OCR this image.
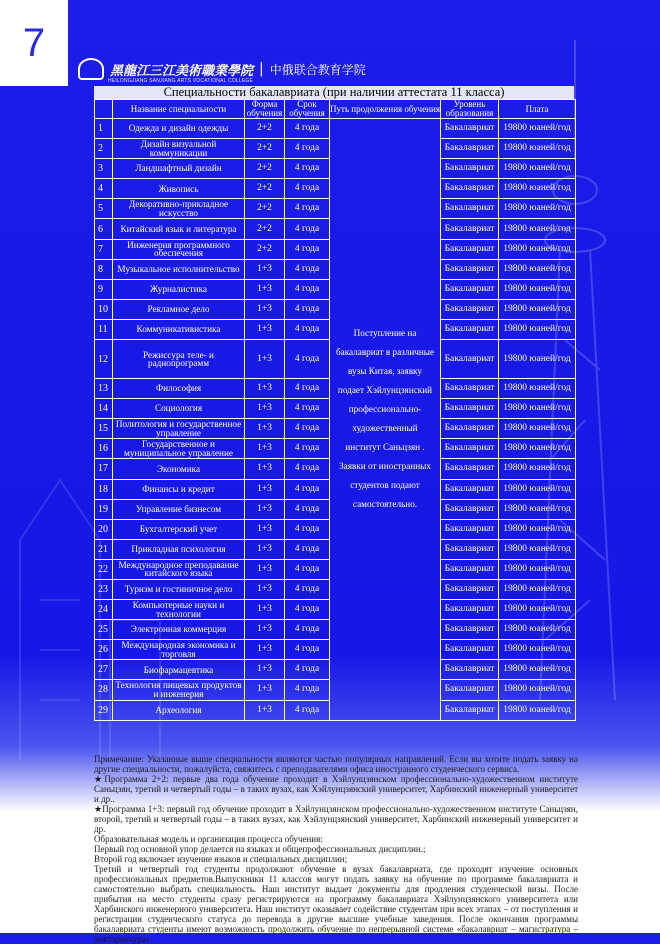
7
黑龍江三江美術職業學院 | 中俄联合教育学院
HEILONGJIANG SANJIANG ARTS VOCATIONAL COLLEGE
Специальности бакалавриата (при наличии аттестата 11 класса)
	Название специальности	Форма обучения	Срок обучения	Путь продолжения обучения	Уровень образования	Плата
1	Одежда и дизайн одежды	2+2	4 года	Поступление на бакалавриат в различные вузы Китая, заявку подает Хэйлунцзянский профессионально-художественный институт Саньцзян . Заявки от иностранных студентов подают самостоятельно.	Бакалавриат	19800 юаней/год
2	Дизайн визуальной коммуникации	2+2	4 года		Бакалавриат	19800 юаней/год
3	Ландшафтный дизайн	2+2	4 года		Бакалавриат	19800 юаней/год
4	Живопись	2+2	4 года		Бакалавриат	19800 юаней/год
5	Декоративно-прикладное искусство	2+2	4 года		Бакалавриат	19800 юаней/год
6	Китайский язык и литература	2+2	4 года		Бакалавриат	19800 юаней/год
7	Инженерия программного обеспечения	2+2	4 года		Бакалавриат	19800 юаней/год
8	Музыкальное исполнительство	1+3	4 года		Бакалавриат	19800 юаней/год
9	Журналистика	1+3	4 года		Бакалавриат	19800 юаней/год
10	Рекламное дело	1+3	4 года		Бакалавриат	19800 юаней/год
11	Коммуникативистика	1+3	4 года		Бакалавриат	19800 юаней/год
12	Режиссура теле- и радиопрограмм	1+3	4 года		Бакалавриат	19800 юаней/год
13	Философия	1+3	4 года		Бакалавриат	19800 юаней/год
14	Социология	1+3	4 года		Бакалавриат	19800 юаней/год
15	Политология и государственное управление	1+3	4 года		Бакалавриат	19800 юаней/год
16	Государственное и муниципальное управление	1+3	4 года		Бакалавриат	19800 юаней/год
17	Экономика	1+3	4 года		Бакалавриат	19800 юаней/год
18	Финансы и кредит	1+3	4 года		Бакалавриат	19800 юаней/год
19	Управление бизнесом	1+3	4 года		Бакалавриат	19800 юаней/год
20	Бухгалтерский учет	1+3	4 года		Бакалавриат	19800 юаней/год
21	Прикладная психология	1+3	4 года		Бакалавриат	19800 юаней/год
22	Международное преподавание китайского языка	1+3	4 года		Бакалавриат	19800 юаней/год
23	Туризм и гостиничное дело	1+3	4 года		Бакалавриат	19800 юаней/год
24	Компьютерные науки и технологии	1+3	4 года		Бакалавриат	19800 юаней/год
25	Электронная коммерция	1+3	4 года		Бакалавриат	19800 юаней/год
26	Международная экономика и торговля	1+3	4 года		Бакалавриат	19800 юаней/год
27	Биофармацевтика	1+3	4 года		Бакалавриат	19800 юаней/год
28	Технология пищевых продуктов и инженерия	1+3	4 года		Бакалавриат	19800 юаней/год
29	Археология	1+3	4 года		Бакалавриат	19800 юаней/год

Примечание: Указанные выше специальности являются частью популярных направлений. Если вы хотите подать заявку на другие специальности, пожалуйста, свяжитесь с преподавателями офиса иностранного студенческого сервиса.

★Программа 2+2: первые два года обучение проходит в Хэйлунцзянском профессионально-художественном институте Саньцзян, третий и четвертый годы – в таких вузах, как Хэйлунцзянский университет, Харбинский инженерный университет и др..

★Программа 1+3: первый год обучение проходит в Хэйлунцзянском профессионально-художественном институте Саньцзян, второй, третий и четвертый годы – в таких вузах, как Хэйлунцзянский университет, Харбинский инженерный университет и др.

Образовательная модель и организация процесса обучения:

Первый год основной упор делается на языках и общепрофессиональных дисциплин.;

Второй год включает изучение языков и специальных дисциплин;

Третий и четвертый год студенты продолжают обучение в вузах бакалавриата, где проходят изучение основных профессиональных предметов.Выпускники 11 классов могут подать заявку на обучение по программе бакалавриата и самостоятельно выбрать специальность. Наш институт выдает документы для продления студенческой визы. После прибытия на место студенты сразу регистрируются на программу бакалавриата Хэйлунцзянского университета или Харбинского инженерного университета. Наш институт оказывает содействие студентам при всех этапах – от поступления и регистрации студенческого статуса до перевода в другие высшие учебные заведения. После окончания программы бакалавриата студенты имеют возможность продолжить обучение по непрерывной системе «бакалавриат – магистратура – докторантура».
